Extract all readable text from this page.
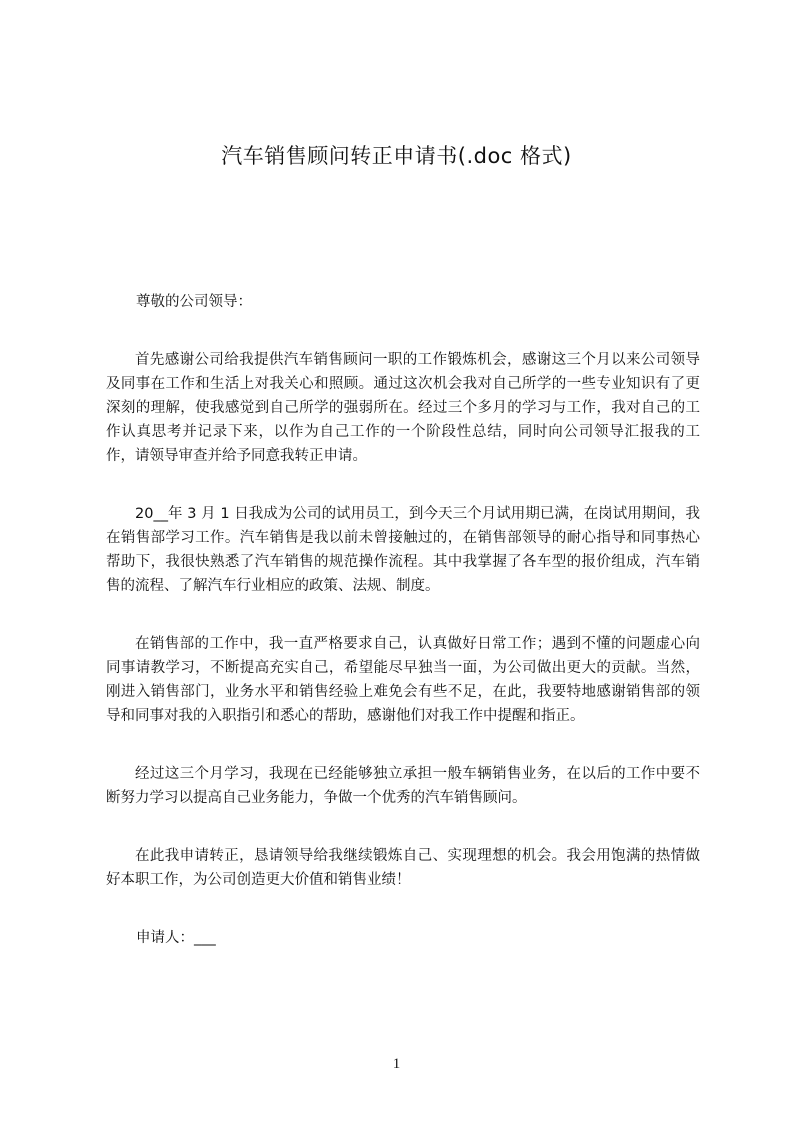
汽车销售顾问转正申请书(.doc 格式)

尊敬的公司领导：

首先感谢公司给我提供汽车销售顾问一职的工作锻炼机会，感谢这三个月以来公司领导及同事在工作和生活上对我关心和照顾。通过这次机会我对自己所学的一些专业知识有了更深刻的理解，使我感觉到自己所学的强弱所在。经过三个多月的学习与工作，我对自己的工作认真思考并记录下来，以作为自己工作的一个阶段性总结，同时向公司领导汇报我的工作，请领导审查并给予同意我转正申请。

20__年 3 月 1 日我成为公司的试用员工，到今天三个月试用期已满，在岗试用期间，我在销售部学习工作。汽车销售是我以前未曾接触过的，在销售部领导的耐心指导和同事热心帮助下，我很快熟悉了汽车销售的规范操作流程。其中我掌握了各车型的报价组成，汽车销售的流程、了解汽车行业相应的政策、法规、制度。

在销售部的工作中，我一直严格要求自己，认真做好日常工作；遇到不懂的问题虚心向同事请教学习，不断提高充实自己，希望能尽早独当一面，为公司做出更大的贡献。当然，刚进入销售部门，业务水平和销售经验上难免会有些不足，在此，我要特地感谢销售部的领导和同事对我的入职指引和悉心的帮助，感谢他们对我工作中提醒和指正。

经过这三个月学习，我现在已经能够独立承担一般车辆销售业务，在以后的工作中要不断努力学习以提高自己业务能力，争做一个优秀的汽车销售顾问。

在此我申请转正，恳请领导给我继续锻炼自己、实现理想的机会。我会用饱满的热情做好本职工作，为公司创造更大价值和销售业绩！

申请人：___

1
